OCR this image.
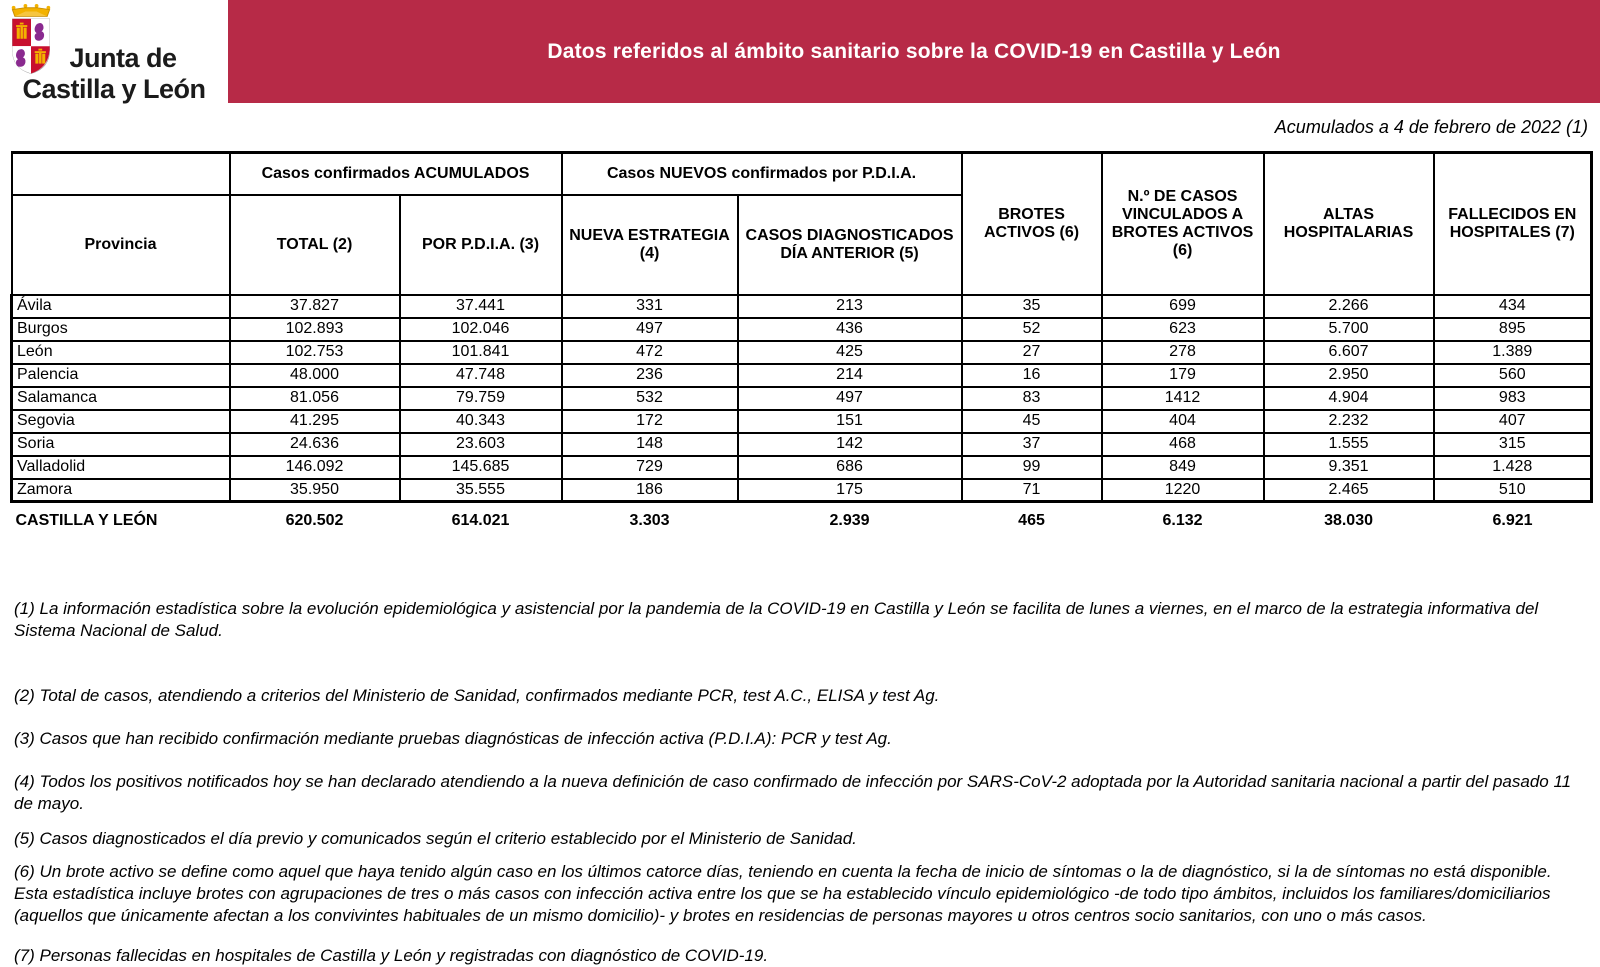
Junta de
Castilla y León
Datos referidos al ámbito sanitario sobre la COVID-19 en Castilla y León
Acumulados a 4 de febrero de 2022 (1)
	Casos confirmados ACUMULADOS		Casos NUEVOS confirmados por P.D.I.A.		BROTES ACTIVOS (6)	N.º DE CASOS VINCULADOS A BROTES ACTIVOS (6)	ALTAS HOSPITALARIAS	FALLECIDOS EN HOSPITALES (7)
Provincia	TOTAL (2)	POR P.D.I.A. (3)	NUEVA ESTRATEGIA (4)	CASOS DIAGNOSTICADOS DÍA ANTERIOR (5)				
Ávila	37.827	37.441	331	213	35	699	2.266	434
Burgos	102.893	102.046	497	436	52	623	5.700	895
León	102.753	101.841	472	425	27	278	6.607	1.389
Palencia	48.000	47.748	236	214	16	179	2.950	560
Salamanca	81.056	79.759	532	497	83	1412	4.904	983
Segovia	41.295	40.343	172	151	45	404	2.232	407
Soria	24.636	23.603	148	142	37	468	1.555	315
Valladolid	146.092	145.685	729	686	99	849	9.351	1.428
Zamora	35.950	35.555	186	175	71	1220	2.465	510
CASTILLA Y LEÓN	620.502	614.021	3.303	2.939	465	6.132	38.030	6.921

(1) La información estadística sobre la evolución epidemiológica y asistencial por la pandemia de la COVID-19 en Castilla y León se facilita de lunes a viernes, en el marco de la estrategia informativa del Sistema Nacional de Salud.

(2) Total de casos, atendiendo a criterios del Ministerio de Sanidad, confirmados mediante PCR, test A.C., ELISA y test Ag.

(3) Casos que han recibido confirmación mediante pruebas diagnósticas de infección activa (P.D.I.A): PCR y test Ag.

(4) Todos los positivos notificados hoy se han declarado atendiendo a la nueva definición de caso confirmado de infección por SARS-CoV-2 adoptada por la Autoridad sanitaria nacional a partir del pasado 11 de mayo.

(5) Casos diagnosticados el día previo y comunicados según el criterio establecido por el Ministerio de Sanidad.

(6) Un brote activo se define como aquel que haya tenido algún caso en los últimos catorce días, teniendo en cuenta la fecha de inicio de síntomas o la de diagnóstico, si la de síntomas no está disponible. Esta estadística incluye brotes con agrupaciones de tres o más casos con infección activa entre los que se ha establecido vínculo epidemiológico -de todo tipo ámbitos, incluidos los familiares/domiciliarios (aquellos que únicamente afectan a los convivintes habituales de un mismo domicilio)- y brotes en residencias de personas mayores u otros centros socio sanitarios, con uno o más casos.

(7) Personas fallecidas en hospitales de Castilla y León y registradas con diagnóstico de COVID-19.
